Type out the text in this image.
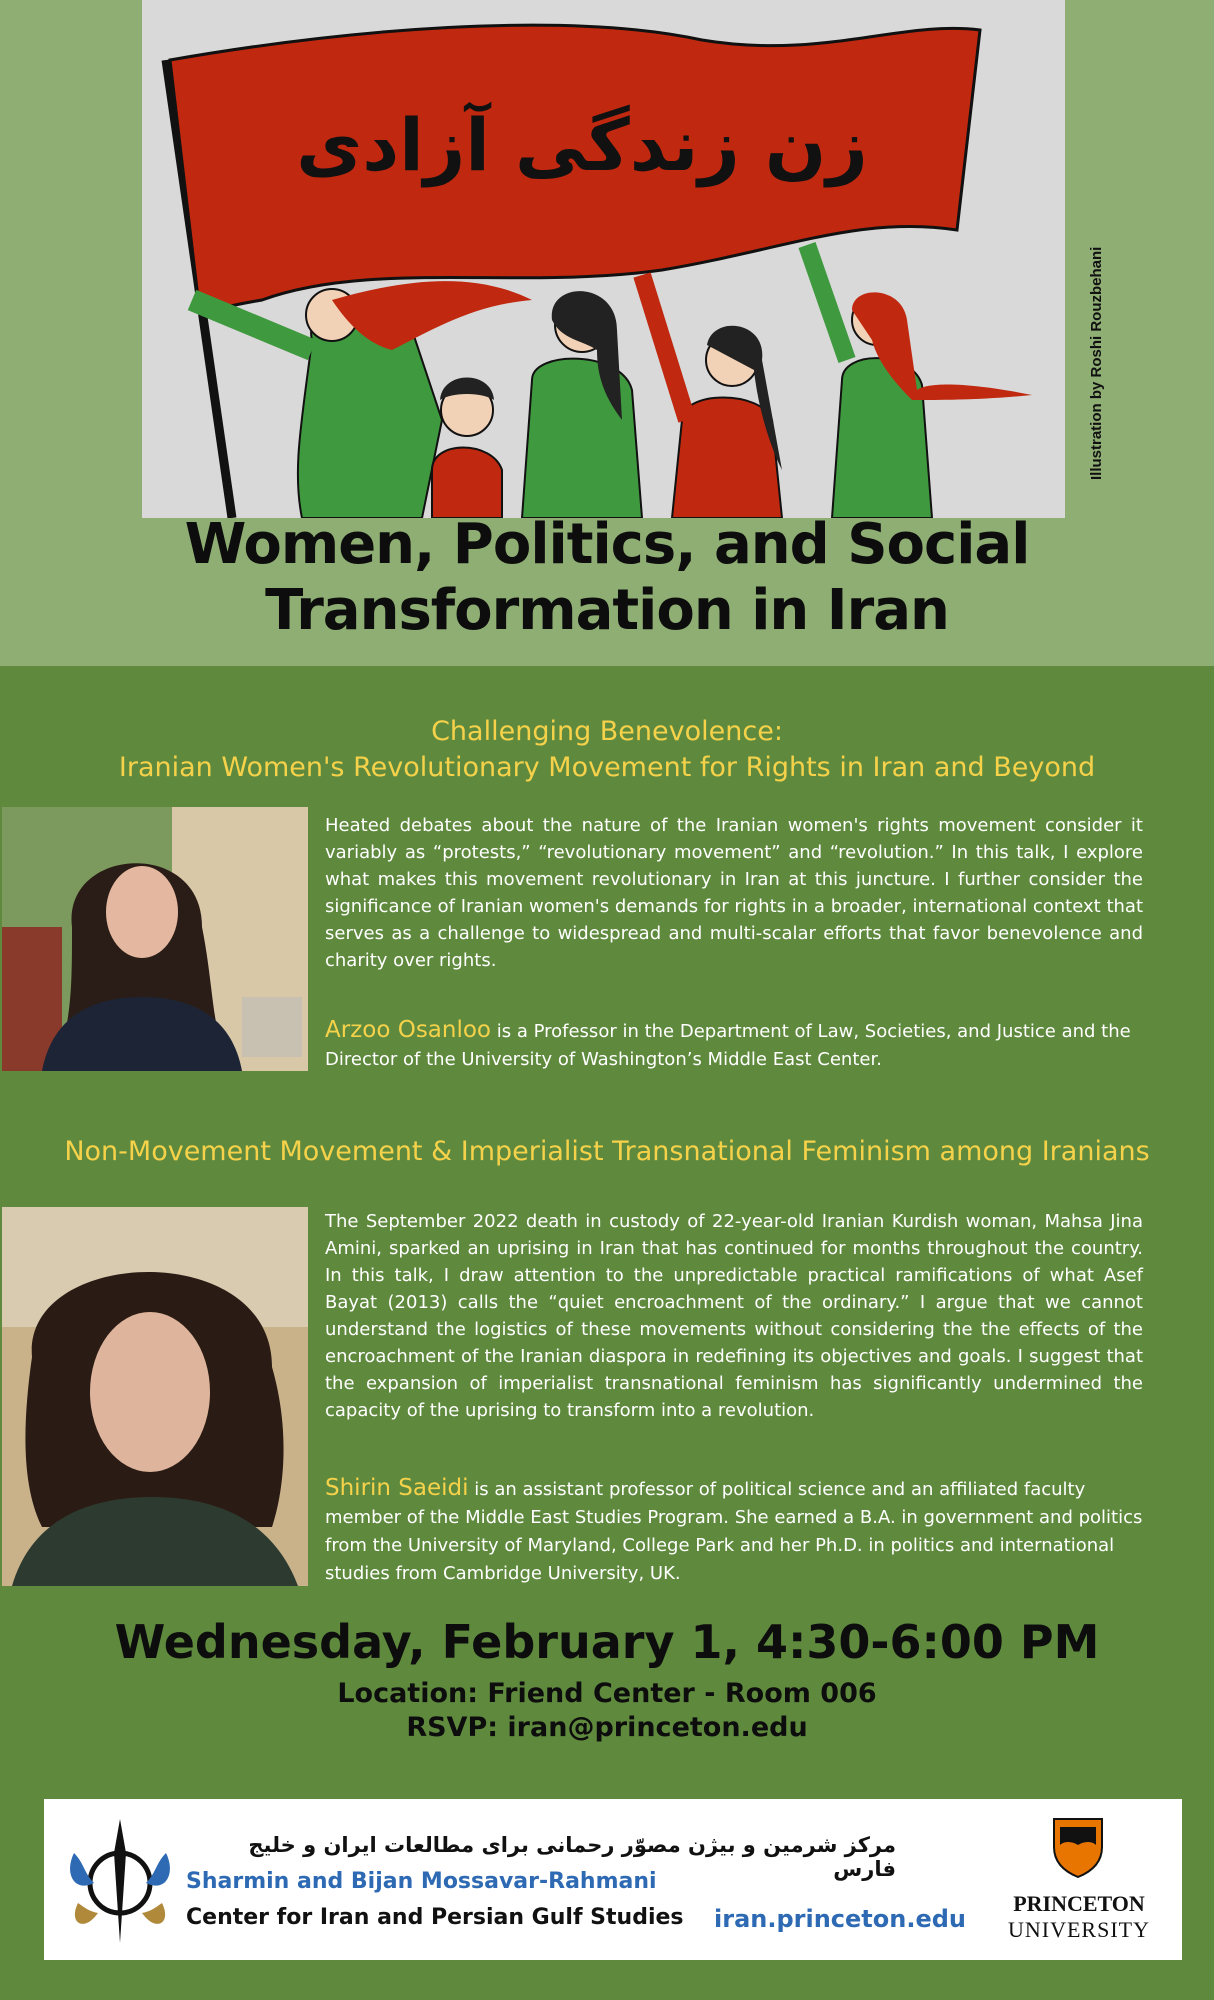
زن زندگی آزادی
Illustration by Roshi Rouzbehani
Women, Politics, and Social
Transformation in Iran
Challenging Benevolence:
Iranian Women's Revolutionary Movement for Rights in Iran and Beyond
Heated debates about the nature of the Iranian women's rights movement consider it variably as “protests,” “revolutionary movement” and “revolution.” In this talk, I explore what makes this movement revolutionary in Iran at this juncture. I further consider the significance of Iranian women's demands for rights in a broader, international context that serves as a challenge to widespread and multi-scalar efforts that favor benevolence and charity over rights.
Arzoo Osanloo is a Professor in the Department of Law, Societies, and Justice and the Director of the University of Washington’s Middle East Center.
Non-Movement Movement & Imperialist Transnational Feminism among Iranians
The September 2022 death in custody of 22-year-old Iranian Kurdish woman, Mahsa Jina Amini, sparked an uprising in Iran that has continued for months throughout the country. In this talk, I draw attention to the unpredictable practical ramifications of what Asef Bayat (2013) calls the “quiet encroachment of the ordinary.” I argue that we cannot understand the logistics of these movements without considering the the effects of the encroachment of the Iranian diaspora in redefining its objectives and goals. I suggest that the expansion of imperialist transnational feminism has significantly undermined the capacity of the uprising to transform into a revolution.
Shirin Saeidi is an assistant professor of political science and an affiliated faculty member of the Middle East Studies Program. She earned a B.A. in government and politics from the University of Maryland, College Park and her Ph.D. in politics and international studies from Cambridge University, UK.
Wednesday, February 1, 4:30-6:00 PM
Location: Friend Center - Room 006
RSVP: iran@princeton.edu
مرکز شرمین و بیژن مصوّر رحمانی برای مطالعات ایران و خلیج فارس
Sharmin and Bijan Mossavar-Rahmani
Center for Iran and Persian Gulf Studies iran.princeton.edu
PRINCETON
UNIVERSITY
